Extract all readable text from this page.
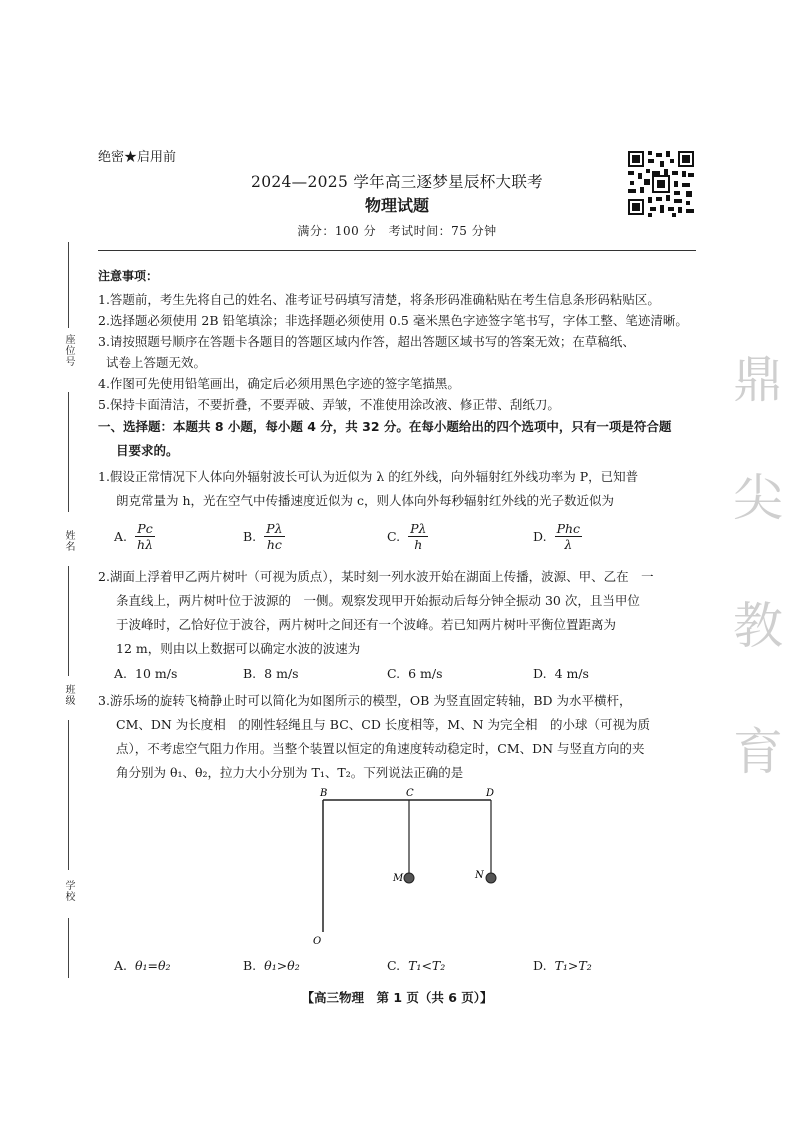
绝密★启用前
2024—2025 学年高三逐梦星辰杯大联考
物理试题
满分：100 分　考试时间：75 分钟
座位号
姓名
班级
学校
鼎
尖
教
育

注意事项：

1.答题前，考生先将自己的姓名、准考证号码填写清楚，将条形码准确粘贴在考生信息条形码粘贴区。

2.选择题必须使用 2B 铅笔填涂；非选择题必须使用 0.5 毫米黑色字迹签字笔书写，字体工整、笔迹清晰。

3.请按照题号顺序在答题卡各题目的答题区域内作答，超出答题区域书写的答案无效；在草稿纸、

试卷上答题无效。

4.作图可先使用铅笔画出，确定后必须用黑色字迹的签字笔描黑。

5.保持卡面清洁，不要折叠，不要弄破、弄皱，不准使用涂改液、修正带、刮纸刀。

一、选择题：本题共 8 小题，每小题 4 分，共 32 分。在每小题给出的四个选项中，只有一项是符合题
目要求的。

1.假设正常情况下人体向外辐射波长可认为近似为 λ 的红外线，向外辐射红外线功率为 P，已知普
朗克常量为 h，光在空气中传播速度近似为 c，则人体向外每秒辐射红外线的光子数近似为

A. $\frac{Pc}{h\lambda}$	B. $\frac{P\lambda}{hc}$	C. $\frac{P\lambda}{h}$	D. $\frac{\text{Phc}}{\lambda}$

2.湖面上浮着甲乙两片树叶（可视为质点），某时刻一列水波开始在湖面上传播，波源、甲、乙在　一
条直线上，两片树叶位于波源的　一侧。观察发现甲开始振动后每分钟全振动 30 次，且当甲位
于波峰时，乙恰好位于波谷，两片树叶之间还有一个波峰。若已知两片树叶平衡位置距离为
12 m，则由以上数据可以确定水波的波速为

A. 10 m/s	B. 8 m/s	C. 6 m/s	D. 4 m/s

3.游乐场的旋转飞椅静止时可以简化为如图所示的模型，OB 为竖直固定转轴，BD 为水平横杆，
CM、DN 为长度相　的刚性轻绳且与 BC、CD 长度相等，M、N 为完全相　的小球（可视为质
点），不考虑空气阻力作用。当整个装置以恒定的角速度转动稳定时，CM、DN 与竖直方向的夹
角分别为 θ₁、θ₂，拉力大小分别为 T₁、T₂。下列说法正确的是

B	C	D
M	N
O
A. θ₁=θ₂	B. θ₁>θ₂	C. T₁<T₂	D. T₁>T₂
【高三物理　第 1 页（共 6 页）】
